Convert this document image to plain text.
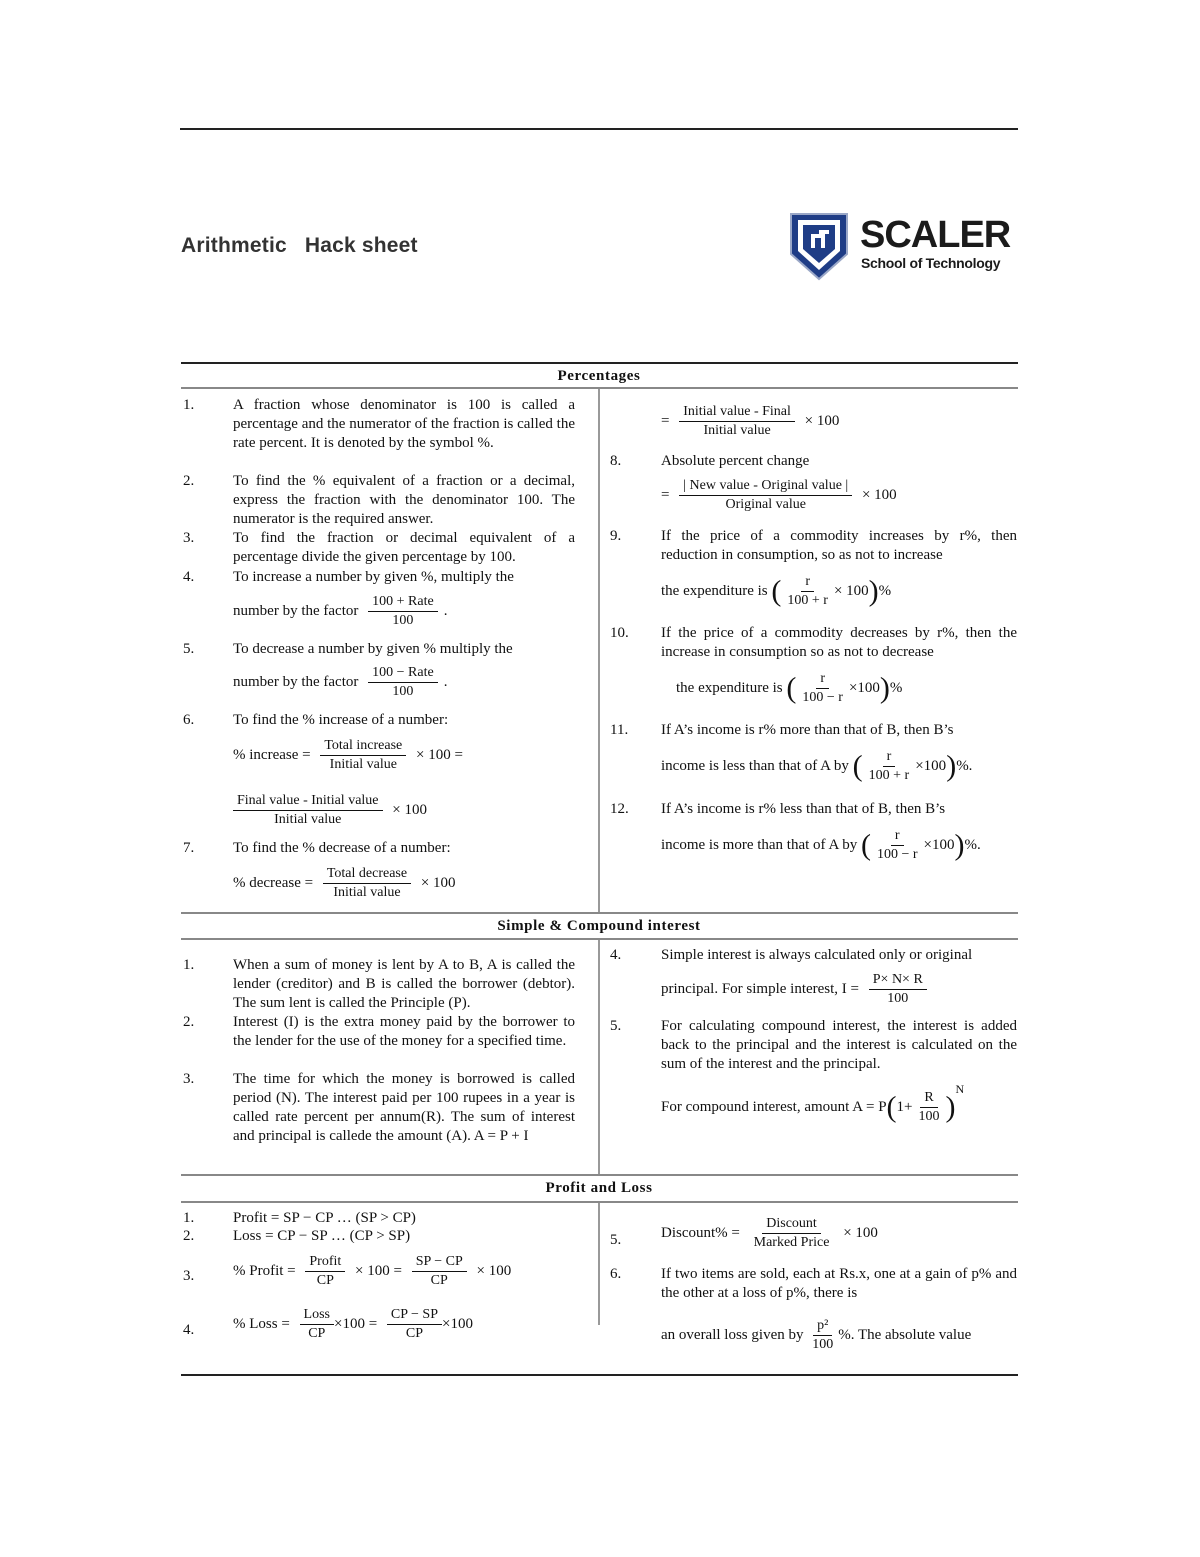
Arithmetic Hack sheet	SCALER
School of Technology
Percentages
Simple & Compound interest
Profit and Loss
1.	A fraction whose denominator is 100 is called a percentage and the numerator of the fraction is called the rate percent. It is denoted by the symbol %.
2.	To find the % equivalent of a fraction or a decimal, express the fraction with the denominator 100. The numerator is the required answer.
3.	To find the fraction or decimal equivalent of a percentage divide the given percentage by 100.
4.	To increase a number by given %, multiply the
number by the factor $\frac{\text{100 + Rate}}{100}$ .
5.	To decrease a number by given % multiply the
number by the factor $\frac{\text{100 − Rate}}{100}$ .
6.	To find the % increase of a number:
% increase = $\frac{\text{Total increase}}{\text{Initial value}} \times 100$ =
$\frac{\text{Final value - Initial value}}{\text{Initial value}} \times 100$
7.	To find the % decrease of a number:
% decrease = $\frac{\text{Total decrease}}{\text{Initial value}} \times 100$
= $\frac{\text{Initial value - Final}}{\text{Initial value}} \times 100$
8.	Absolute percent change
= $\frac{\text{| New value - Original value |}}{\text{Original value}} \times 100$
9.	If the price of a commodity increases by r%, then reduction in consumption, so as not to increase
the expenditure is ( $\frac{r}{100 + r} \times 100)\%$
10. If the price of a commodity decreases by r%, then the increase in consumption so as not to decrease
the expenditure is ( $\frac{r}{100 - r} \times 100)\%$
11. If A’s income is r% more than that of B, then B’s
income is less than that of A by ( $\frac{r}{100 + r} \times 100)\%$.
12. If A’s income is r% less than that of B, then B’s
income is more than that of A by ( $\frac{r}{100 - r} \times 100)\%$.
1.	When a sum of money is lent by A to B, A is called the lender (creditor) and B is called the borrower (debtor). The sum lent is called the Principle (P).
2.	Interest (I) is the extra money paid by the borrower to the lender for the use of the money for a specified time.
3.	The time for which the money is borrowed is called period (N). The interest paid per 100 rupees in a year is called rate percent per annum(R). The sum of interest and principal is callede the amount (A). A = P + I
4.	Simple interest is always calculated only or original
principal. For simple interest, $I = \frac{P\times N\times R}{100}$
5.	For calculating compound interest, the interest is added back to the principal and the interest is calculated on the sum of the interest and the principal.
For compound interest, amount $A = P(1+ \frac{R}{100} )^N$
1.	Profit = SP − CP … (SP > CP)
2.	Loss = CP − SP … (CP > SP)
3.	% Profit = $\frac{\text{Profit}}{CP} \times 100 = \frac{SP - CP}{CP} \times 100$
4.	% Loss = $\frac{\text{Loss}}{CP} \times 100 = \frac{CP - SP}{CP} \times 100$
5.	Discount% = $\frac{\text{Discount}}{\text{Marked Price}} \times 100$
6.	If two items are sold, each at Rs.x, one at a gain of p% and the other at a loss of p%, there is
an overall loss given by $\frac{\text{p²}}{100}$ %. The absolute value
